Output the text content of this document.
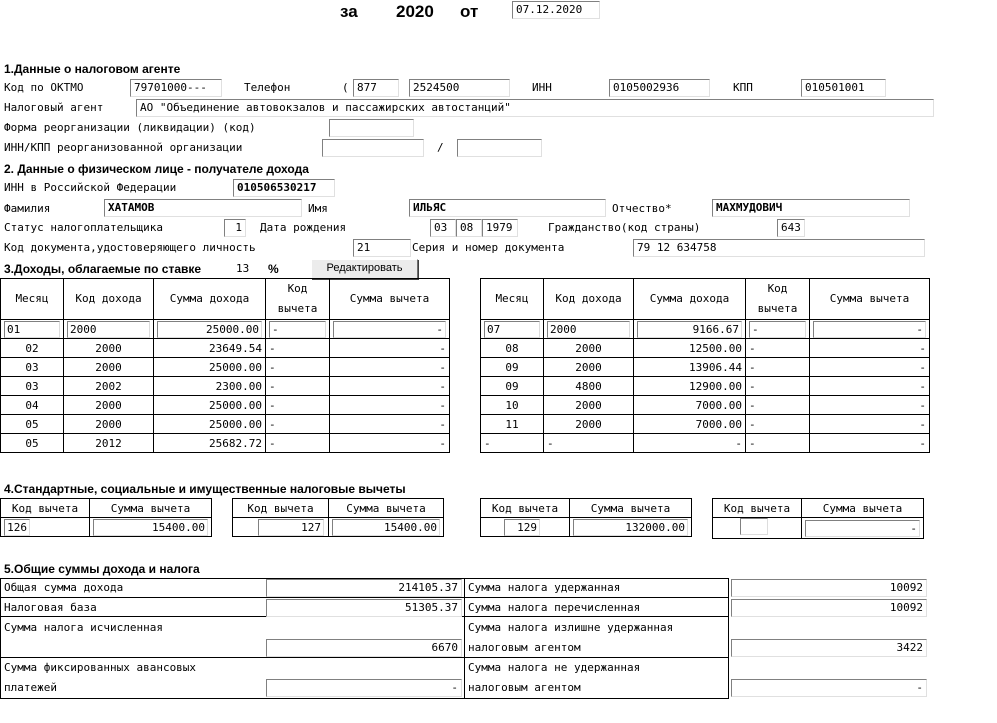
за 2020 от	07.12.2020
1.Данные о налоговом агенте
Код по ОКТМО	79701000---	Телефон	( 877	2524500	ИНН	0105002936	КПП	010501001
Налоговый агент	АО "Объединение автовокзалов и пассажирских автостанций"
Форма реорганизации (ликвидации) (код)
ИНН/КПП реорганизованной организации	/
2. Данные о физическом лице - получателе дохода
ИНН в Российской Федерации	010506530217
Фамилия	ХАТАМОВ	Имя	ИЛЬЯС	Отчество*	МАХМУДОВИЧ
Статус налогоплательщика	1	Дата рождения	03	08	1979	Гражданство(код страны)	643
Код документа,удостоверяющего личность	21	Серия и номер документа	79 12 634758
3.Доходы, облагаемые по ставке	13	%	Редактировать
Месяц	Код дохода	Сумма дохода	Код вычета	Сумма вычета
01	2000	25000.00	-	-
02	2000	23649.54	-	-
03	2000	25000.00	-	-
03	2002	2300.00	-	-
04	2000	25000.00	-	-
05	2000	25000.00	-	-
05	2012	25682.72	-	-
Месяц	Код дохода	Сумма дохода	Код вычета	Сумма вычета
07	2000	9166.67	-	-
08	2000	12500.00	-	-
09	2000	13906.44	-	-
09	4800	12900.00	-	-
10	2000	7000.00	-	-
11	2000	7000.00	-	-
-	-	-	-	-
4.Стандартные, социальные и имущественные налоговые вычеты
Код вычета	Сумма вычета
126	15400.00
Код вычета	Сумма вычета
127	15400.00
Код вычета	Сумма вычета
129	132000.00
Код вычета	Сумма вычета
	-
5.Общие суммы дохода и налога
Общая сумма дохода	214105.37
Налоговая база	51305.37
Сумма налога исчисленная
6670
Сумма фиксированных авансовых
платежей	-
Сумма налога удержанная	10092
Сумма налога перечисленная	10092
Сумма налога излишне удержанная
налоговым агентом	3422
Сумма налога не удержанная
налоговым агентом	-
